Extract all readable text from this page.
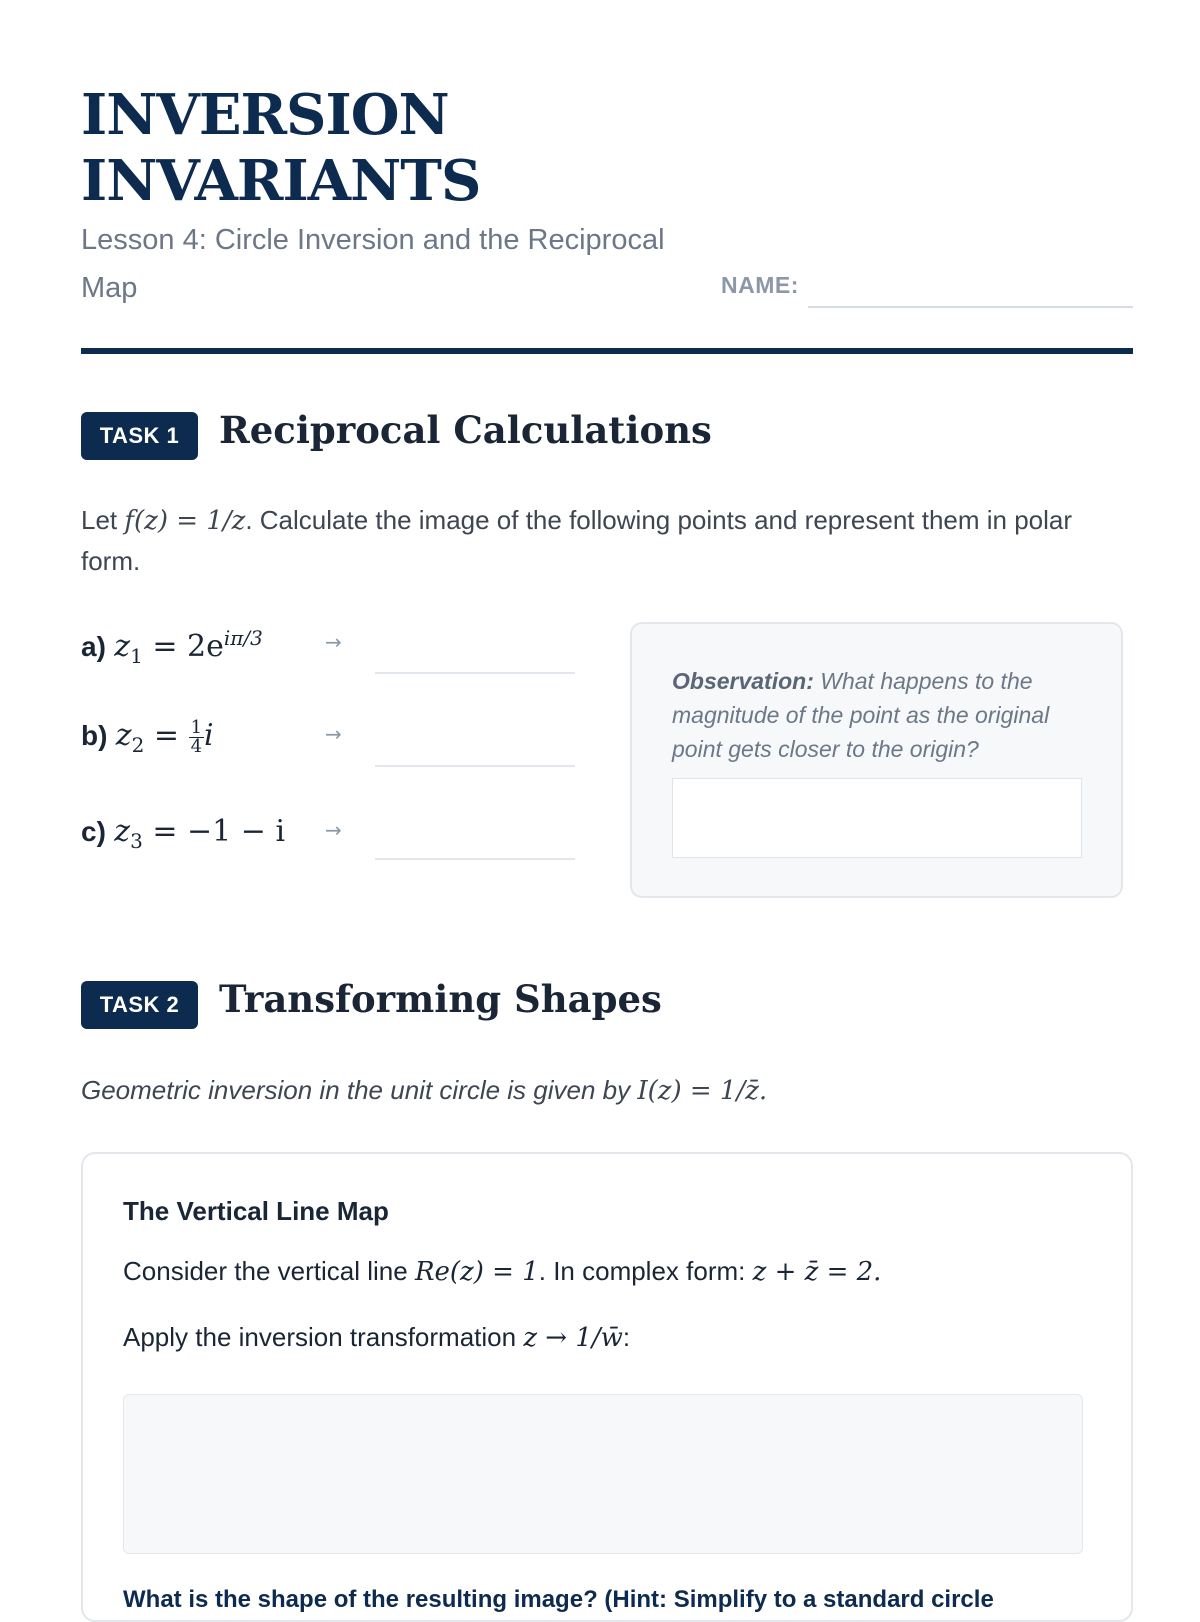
INVERSION INVARIANTS
Lesson 4: Circle Inversion and the Reciprocal Map	NAME:
TASK 1	Reciprocal Calculations
Let f(z) = 1/z. Calculate the image of the following points and represent them in polar form.
a) $z_1 = 2e^{i\pi/3}$	→
b) $z_2 = \frac{1}{4}$ i	→
c) $z_3 = -1 - i$ →
Observation: What happens to the magnitude of the point as the original point gets closer to the origin?
TASK 2	Transforming Shapes
Geometric inversion in the unit circle is given by I(z) = 1/z̄.
The Vertical Line Map
Consider the vertical line Re(z) = 1. In complex form: z + z̄ = 2.
Apply the inversion transformation z → 1/w̄:
What is the shape of the resulting image? (Hint: Simplify to a standard circle
